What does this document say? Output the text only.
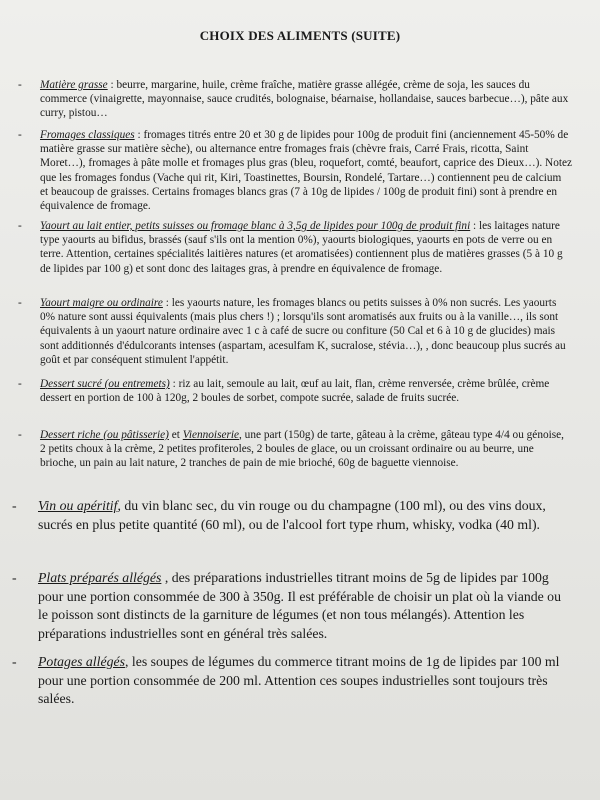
CHOIX DES ALIMENTS (SUITE)
- Matière grasse : beurre, margarine, huile, crème fraîche, matière grasse allégée, crème de soja, les sauces du commerce (vinaigrette, mayonnaise, sauce crudités, bolognaise, béarnaise, hollandaise, sauces barbecue…), pâte aux curry, pistou…
- Fromages classiques : fromages titrés entre 20 et 30 g de lipides pour 100g de produit fini (anciennement 45-50% de matière grasse sur matière sèche), ou alternance entre fromages frais (chèvre frais, Carré Frais, ricotta, Saint Moret…), fromages à pâte molle et fromages plus gras (bleu, roquefort, comté, beaufort, caprice des Dieux…). Notez que les fromages fondus (Vache qui rit, Kiri, Toastinettes, Boursin, Rondelé, Tartare…) contiennent peu de calcium et beaucoup de graisses. Certains fromages blancs gras (7 à 10g de lipides / 100g de produit fini) sont à prendre en équivalence de fromage.
- Yaourt au lait entier, petits suisses ou fromage blanc à 3,5g de lipides pour 100g de produit fini : les laitages nature type yaourts au bifidus, brassés (sauf s'ils ont la mention 0%), yaourts biologiques, yaourts en pots de verre ou en terre. Attention, certaines spécialités laitières natures (et aromatisées) contiennent plus de matières grasses (5 à 10 g de lipides par 100 g) et sont donc des laitages gras, à prendre en équivalence de fromage.
- Yaourt maigre ou ordinaire : les yaourts nature, les fromages blancs ou petits suisses à 0% non sucrés. Les yaourts 0% nature sont aussi équivalents (mais plus chers !) ; lorsqu'ils sont aromatisés aux fruits ou à la vanille…, ils sont équivalents à un yaourt nature ordinaire avec 1 c à café de sucre ou confiture (50 Cal et 6 à 10 g de glucides) mais sont additionnés d'édulcorants intenses (aspartam, acesulfam K, sucralose, stévia…), , donc beaucoup plus sucrés au goût et par conséquent stimulent l'appétit.
- Dessert sucré (ou entremets) : riz au lait, semoule au lait, œuf au lait, flan, crème renversée, crème brûlée, crème dessert en portion de 100 à 120g, 2 boules de sorbet, compote sucrée, salade de fruits sucrée.
- Dessert riche (ou pâtisserie) et Viennoiserie, une part (150g) de tarte, gâteau à la crème, gâteau type 4/4 ou génoise, 2 petits choux à la crème, 2 petites profiteroles, 2 boules de glace, ou un croissant ordinaire ou au beurre, une brioche, un pain au lait nature, 2 tranches de pain de mie brioché, 60g de baguette viennoise.
- Vin ou apéritif, du vin blanc sec, du vin rouge ou du champagne (100 ml), ou des vins doux, sucrés en plus petite quantité (60 ml), ou de l'alcool fort type rhum, whisky, vodka (40 ml).
- Plats préparés allégés , des préparations industrielles titrant moins de 5g de lipides par 100g pour une portion consommée de 300 à 350g. Il est préférable de choisir un plat où la viande ou le poisson sont distincts de la garniture de légumes (et non tous mélangés). Attention les préparations industrielles sont en général très salées.
- Potages allégés, les soupes de légumes du commerce titrant moins de 1g de lipides par 100 ml pour une portion consommée de 200 ml. Attention ces soupes industrielles sont toujours très salées.
